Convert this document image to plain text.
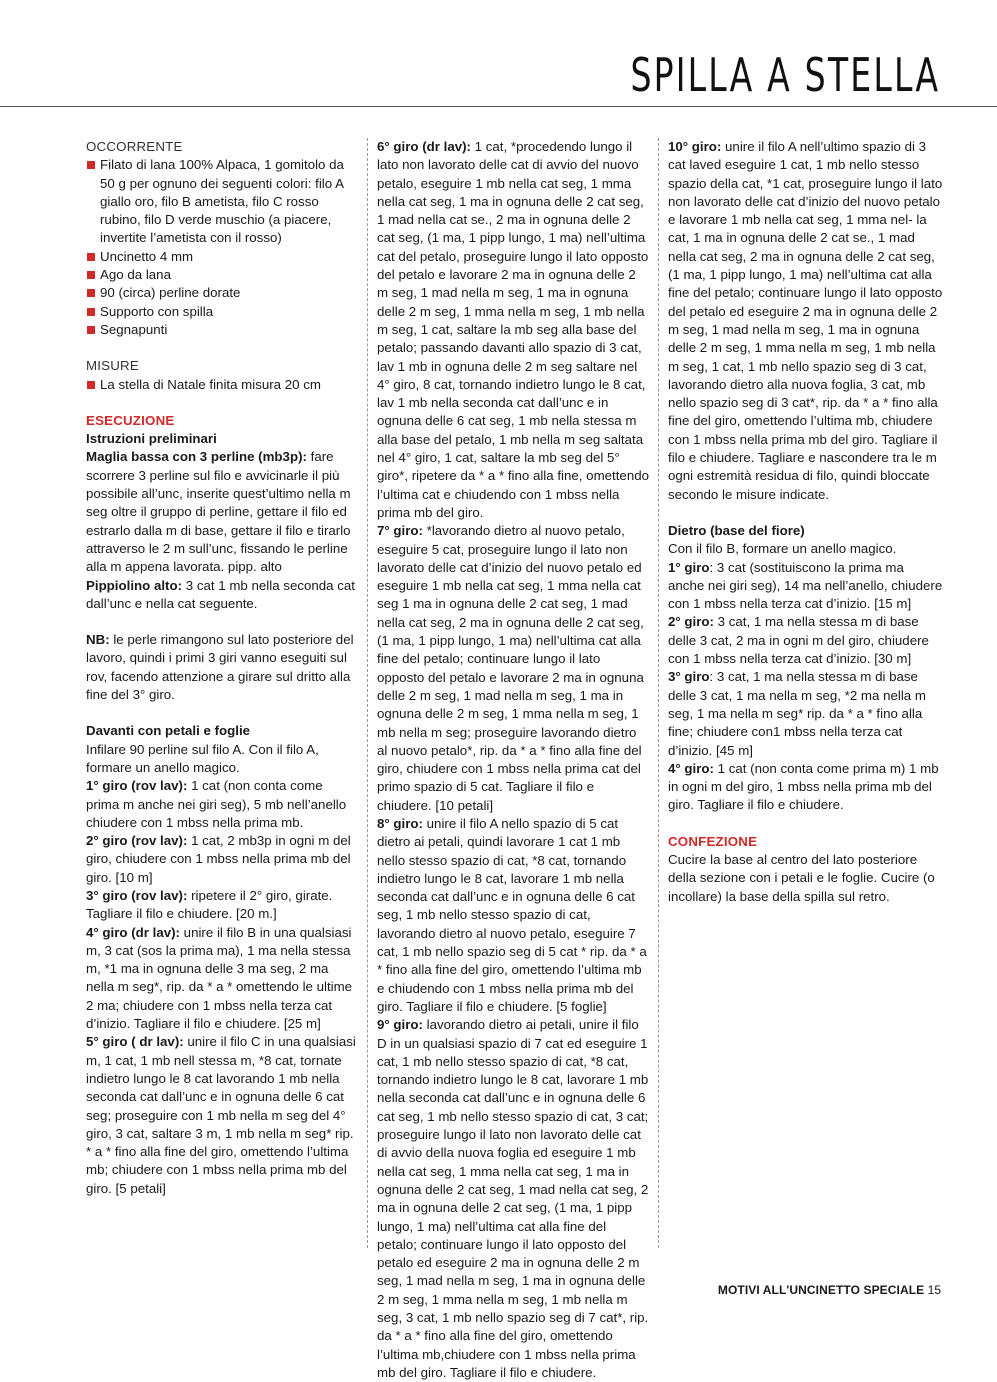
SPILLA A STELLA
OCCORRENTE
Filato di lana 100% Alpaca, 1 gomitolo da 50 g per ognuno dei seguenti colori: filo A giallo oro, filo B ametista, filo C rosso rubino, filo D verde muschio (a piacere, invertite l’ametista con il rosso)
Uncinetto 4 mm
Ago da lana
90 (circa) perline dorate
Supporto con spilla
Segnapunti
MISURE
La stella di Natale finita misura 20 cm
ESECUZIONE
Istruzioni preliminari

Maglia bassa con 3 perline (mb3p): fare scorrere 3 perline sul filo e avvicinarle il più possibile all’unc, inserite quest’ultimo nella m seg oltre il gruppo di perline, gettare il filo ed estrarlo dalla m di base, gettare il filo e tirarlo attraverso le 2 m sull’unc, fissando le perline alla m appena lavorata. pipp. alto

Pippiolino alto: 3 cat 1 mb nella seconda cat dall’unc e nella cat seguente.

NB: le perle rimangono sul lato posteriore del lavoro, quindi i primi 3 giri vanno eseguiti sul rov, facendo attenzione a girare sul dritto alla fine del 3° giro.

Davanti con petali e foglie

Infilare 90 perline sul filo A. Con il filo A, formare un anello magico.

1° giro (rov lav): 1 cat (non conta come prima m anche nei giri seg), 5 mb nell’anello chiudere con 1 mbss nella prima mb.

2° giro (rov lav): 1 cat, 2 mb3p in ogni m del giro, chiudere con 1 mbss nella prima mb del giro. [10 m]

3° giro (rov lav): ripetere il 2° giro, girate. Tagliare il filo e chiudere. [20 m.]

4° giro (dr lav): unire il filo B in una qualsiasi m, 3 cat (sos la prima ma), 1 ma nella stessa m, *1 ma in ognuna delle 3 ma seg, 2 ma nella m seg*, rip. da * a * omettendo le ultime 2 ma; chiudere con 1 mbss nella terza cat d’inizio. Tagliare il filo e chiudere. [25 m]

5° giro ( dr lav): unire il filo C in una qualsiasi m, 1 cat, 1 mb nell stessa m, *8 cat, tornate indietro lungo le 8 cat lavorando 1 mb nella seconda cat dall’unc e in ognuna delle 6 cat seg; proseguire con 1 mb nella m seg del 4° giro, 3 cat, saltare 3 m, 1 mb nella m seg* rip. * a * fino alla fine del giro, omettendo l’ultima mb; chiudere con 1 mbss nella prima mb del giro. [5 petali]

6° giro (dr lav): 1 cat, *procedendo lungo il lato non lavorato delle cat di avvio del nuovo petalo, eseguire 1 mb nella cat seg, 1 mma nella cat seg, 1 ma in ognuna delle 2 cat seg, 1 mad nella cat se., 2 ma in ognuna delle 2 cat seg, (1 ma, 1 pipp lungo, 1 ma) nell’ultima cat del petalo, proseguire lungo il lato opposto del petalo e lavorare 2 ma in ognuna delle 2 m seg, 1 mad nella m seg, 1 ma in ognuna delle 2 m seg, 1 mma nella m seg, 1 mb nella m seg, 1 cat, saltare la mb seg alla base del petalo; passando davanti allo spazio di 3 cat, lav 1 mb in ognuna delle 2 m seg saltare nel 4° giro, 8 cat, tornando indietro lungo le 8 cat, lav 1 mb nella seconda cat dall’unc e in ognuna delle 6 cat seg, 1 mb nella stessa m alla base del petalo, 1 mb nella m seg saltata nel 4° giro, 1 cat, saltare la mb seg del 5° giro*, ripetere da * a * fino alla fine, omettendo l’ultima cat e chiudendo con 1 mbss nella prima mb del giro.

7° giro: *lavorando dietro al nuovo petalo, eseguire 5 cat, proseguire lungo il lato non lavorato delle cat d’inizio del nuovo petalo ed eseguire 1 mb nella cat seg, 1 mma nella cat seg 1 ma in ognuna delle 2 cat seg, 1 mad nella cat seg, 2 ma in ognuna delle 2 cat seg, (1 ma, 1 pipp lungo, 1 ma) nell’ultima cat alla fine del petalo; continuare lungo il lato opposto del petalo e lavorare 2 ma in ognuna delle 2 m seg, 1 mad nella m seg, 1 ma in ognuna delle 2 m seg, 1 mma nella m seg, 1 mb nella m seg; proseguire lavorando dietro al nuovo petalo*, rip. da * a * fino alla fine del giro, chiudere con 1 mbss nella prima cat del primo spazio di 5 cat. Tagliare il filo e chiudere. [10 petali]

8° giro: unire il filo A nello spazio di 5 cat dietro ai petali, quindi lavorare 1 cat 1 mb nello stesso spazio di cat, *8 cat, tornando indietro lungo le 8 cat, lavorare 1 mb nella seconda cat dall’unc e in ognuna delle 6 cat seg, 1 mb nello stesso spazio di cat, lavorando dietro al nuovo petalo, eseguire 7 cat, 1 mb nello spazio seg di 5 cat * rip. da * a * fino alla fine del giro, omettendo l’ultima mb e chiudendo con 1 mbss nella prima mb del giro. Tagliare il filo e chiudere. [5 foglie]

9° giro: lavorando dietro ai petali, unire il filo D in un qualsiasi spazio di 7 cat ed eseguire 1 cat, 1 mb nello stesso spazio di cat, *8 cat, tornando indietro lungo le 8 cat, lavorare 1 mb nella seconda cat dall’unc e in ognuna delle 6 cat seg, 1 mb nello stesso spazio di cat, 3 cat; proseguire lungo il lato non lavorato delle cat di avvio della nuova foglia ed eseguire 1 mb nella cat seg, 1 mma nella cat seg, 1 ma in ognuna delle 2 cat seg, 1 mad nella cat seg, 2 ma in ognuna delle 2 cat seg, (1 ma, 1 pipp lungo, 1 ma) nell’ultima cat alla fine del petalo; continuare lungo il lato opposto del petalo ed eseguire 2 ma in ognuna delle 2 m seg, 1 mad nella m seg, 1 ma in ognuna delle 2 m seg, 1 mma nella m seg, 1 mb nella m seg, 3 cat, 1 mb nello spazio seg di 7 cat*, rip. da * a * fino alla fine del giro, omettendo l’ultima mb,chiudere con 1 mbss nella prima mb del giro. Tagliare il filo e chiudere.

10° giro: unire il filo A nell’ultimo spazio di 3 cat laved eseguire 1 cat, 1 mb nello stesso spazio della cat, *1 cat, proseguire lungo il lato non lavorato delle cat d’inizio del nuovo petalo e lavorare 1 mb nella cat seg, 1 mma nel- la cat, 1 ma in ognuna delle 2 cat se., 1 mad nella cat seg, 2 ma in ognuna delle 2 cat seg, (1 ma, 1 pipp lungo, 1 ma) nell’ultima cat alla fine del petalo; continuare lungo il lato opposto del petalo ed eseguire 2 ma in ognuna delle 2 m seg, 1 mad nella m seg, 1 ma in ognuna delle 2 m seg, 1 mma nella m seg, 1 mb nella m seg, 1 cat, 1 mb nello spazio seg di 3 cat, lavorando dietro alla nuova foglia, 3 cat, mb nello spazio seg di 3 cat*, rip. da * a * fino alla fine del giro, omettendo l’ultima mb, chiudere con 1 mbss nella prima mb del giro. Tagliare il filo e chiudere. Tagliare e nascondere tra le m ogni estremità residua di filo, quindi bloccate secondo le misure indicate.

Dietro (base del fiore)

Con il filo B, formare un anello magico.

1° giro: 3 cat (sostituiscono la prima ma anche nei giri seg), 14 ma nell’anello, chiudere con 1 mbss nella terza cat d’inizio. [15 m]

2° giro: 3 cat, 1 ma nella stessa m di base delle 3 cat, 2 ma in ogni m del giro, chiudere con 1 mbss nella terza cat d’inizio. [30 m]

3° giro: 3 cat, 1 ma nella stessa m di base delle 3 cat, 1 ma nella m seg, *2 ma nella m seg, 1 ma nella m seg* rip. da * a * fino alla fine; chiudere con1 mbss nella terza cat d’inizio. [45 m]

4° giro: 1 cat (non conta come prima m) 1 mb in ogni m del giro, 1 mbss nella prima mb del giro. Tagliare il filo e chiudere.

CONFEZIONE

Cucire la base al centro del lato posteriore della sezione con i petali e le foglie. Cucire (o incollare) la base della spilla sul retro.

MOTIVI ALL'UNCINETTO SPECIALE 15
